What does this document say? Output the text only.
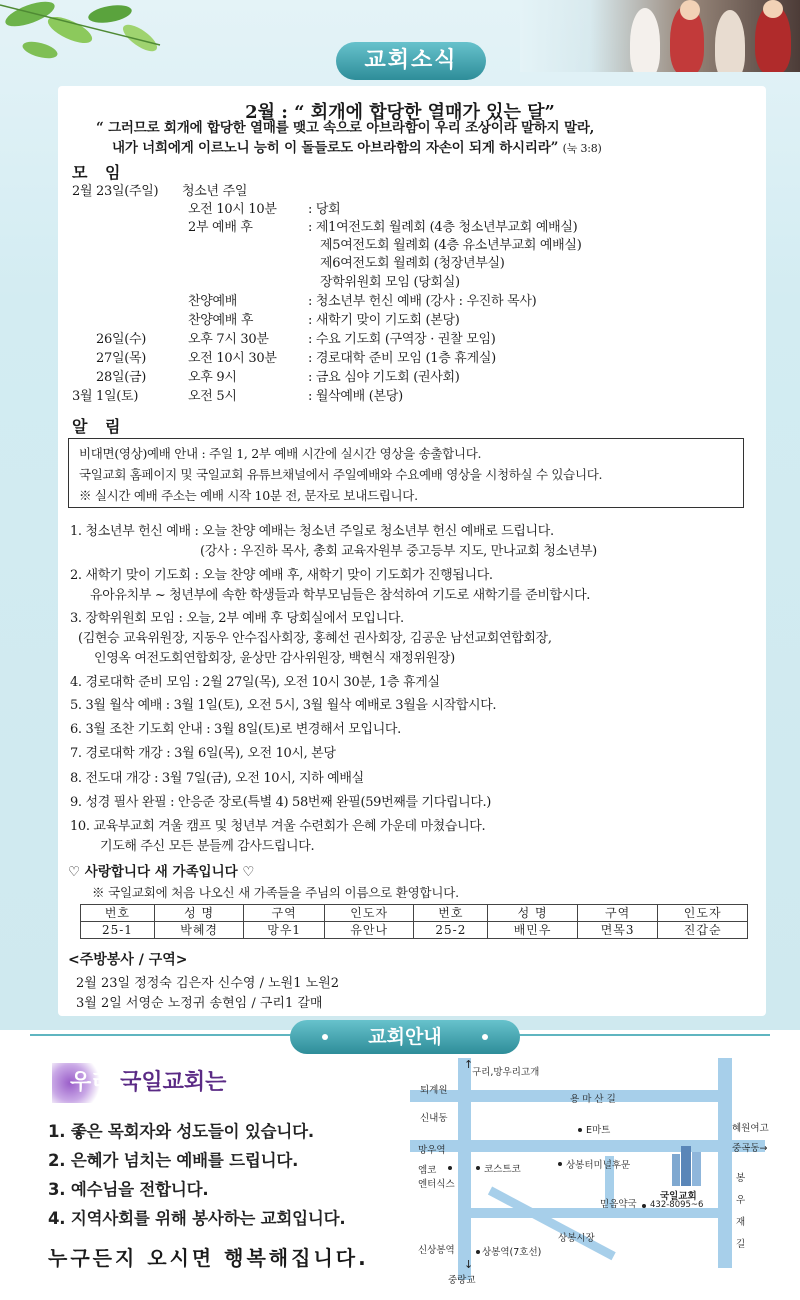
교회소식
2월 : “ 회개에 합당한 열매가 있는 달”
“ 그러므로 회개에 합당한 열매를 맺고 속으로 아브라함이 우리 조상이라 말하지 말라,
내가 너희에게 이르노니 능히 이 돌들로도 아브라함의 자손이 되게 하시리라” (눅 3:8)
모 임
2월 23일(주일) 청소년 주일
오전 10시 10분 : 당회
2부 예배 후	: 제1여전도회 월례회 (4층 청소년부교회 예배실)
제5여전도회 월례회 (4층 유소년부교회 예배실)
제6여전도회 월례회 (청장년부실)
장학위원회 모임 (당회실)
찬양예배	: 청소년부 헌신 예배 (강사 : 우진하 목사)
찬양예배 후	: 새학기 맞이 기도회 (본당)
26일(수)	오후 7시 30분	: 수요 기도회 (구역장 · 권찰 모임)
27일(목)	오전 10시 30분 : 경로대학 준비 모임 (1층 휴게실)
28일(금)	오후 9시	: 금요 심야 기도회 (권사회)
3월 1일(토)	오전 5시	: 월삭예배 (본당)
알 림
비대면(영상)예배 안내 : 주일 1, 2부 예배 시간에 실시간 영상을 송출합니다.
국일교회 홈페이지 및 국일교회 유튜브채널에서 주일예배와 수요예배 영상을 시청하실 수 있습니다.
※ 실시간 예배 주소는 예배 시작 10분 전, 문자로 보내드립니다.
1. 청소년부 헌신 예배 : 오늘 찬양 예배는 청소년 주일로 청소년부 헌신 예배로 드립니다.
(강사 : 우진하 목사, 총회 교육자원부 중고등부 지도, 만나교회 청소년부)
2. 새학기 맞이 기도회 : 오늘 찬양 예배 후, 새학기 맞이 기도회가 진행됩니다.
유아유치부 ~ 청년부에 속한 학생들과 학부모님들은 참석하여 기도로 새학기를 준비합시다.
3. 장학위원회 모임 : 오늘, 2부 예배 후 당회실에서 모입니다.
(김현승 교육위원장, 지동우 안수집사회장, 홍혜선 권사회장, 김공운 남선교회연합회장,
인영옥 여전도회연합회장, 윤상만 감사위원장, 백현식 재정위원장)
4. 경로대학 준비 모임 : 2월 27일(목), 오전 10시 30분, 1층 휴게실
5. 3월 월삭 예배 : 3월 1일(토), 오전 5시, 3월 월삭 예배로 3월을 시작합시다.
6. 3월 조찬 기도회 안내 : 3월 8일(토)로 변경해서 모입니다.
7. 경로대학 개강 : 3월 6일(목), 오전 10시, 본당
8. 전도대 개강 : 3월 7일(금), 오전 10시, 지하 예배실
9. 성경 필사 완필 : 안응준 장로(특별 4) 58번째 완필(59번째를 기다립니다.)
10. 교육부교회 겨울 캠프 및 청년부 겨울 수련회가 은혜 가운데 마쳤습니다.
기도해 주신 모든 분들께 감사드립니다.
♡ 사랑합니다 새 가족입니다 ♡
※ 국일교회에 처음 나오신 새 가족들을 주님의 이름으로 환영합니다.
번호	성 명	구역	인도자	번호	성 명	구역	인도자
25-1	박혜경	망우1	유안나	25-2	배민우	면목3	진갑순
<주방봉사 / 구역>
2월 23일 정정숙 김은자 신수영 / 노원1 노원2
3월 2일 서영순 노정귀 송현임 / 구리1 갈매
교회안내
우리 국일교회는
1. 좋은 목회자와 성도들이 있습니다.
2. 은혜가 넘치는 예배를 드립니다.
3. 예수님을 전합니다.
4. 지역사회를 위해 봉사하는 교회입니다.
누구든지 오시면 행복해집니다.
구리,망우리고개
↑
퇴계원
용 마 산 길
신내동
E마트	혜원여고
망우역	중곡동→
엠코
엔터식스
코스트코	상봉터미널후문
국일교회
432-8095~6
믿음약국
상봉시장
신상봉역	상봉역(7호선)
↓
중랑교
봉
우
재
길
